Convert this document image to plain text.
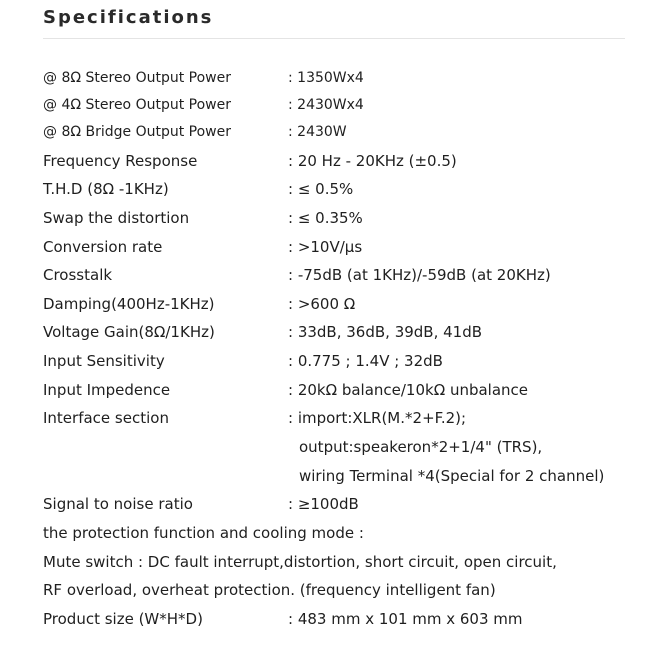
Specifications
@ 8Ω Stereo Output Power	: 1350Wx4
@ 4Ω Stereo Output Power	: 2430Wx4
@ 8Ω Bridge Output Power	: 2430W
Frequency Response	: 20 Hz - 20KHz (±0.5)
T.H.D (8Ω -1KHz)	: ≤ 0.5%
Swap the distortion	: ≤ 0.35%
Conversion rate	: >10V/μs
Crosstalk	: -75dB (at 1KHz)/-59dB (at 20KHz)
Damping(400Hz-1KHz)	: >600 Ω
Voltage Gain(8Ω/1KHz)	: 33dB, 36dB, 39dB, 41dB
Input Sensitivity	: 0.775 ; 1.4V ; 32dB
Input Impedence	: 20kΩ balance/10kΩ unbalance
Interface section	: import:XLR(M.*2+F.2);
output:speakeron*2+1/4" (TRS),
wiring Terminal *4(Special for 2 channel)
Signal to noise ratio	: ≥100dB
the protection function and cooling mode :
Mute switch : DC fault interrupt,distortion, short circuit, open circuit,
RF overload, overheat protection. (frequency intelligent fan)
Product size (W*H*D)	: 483 mm x 101 mm x 603 mm
